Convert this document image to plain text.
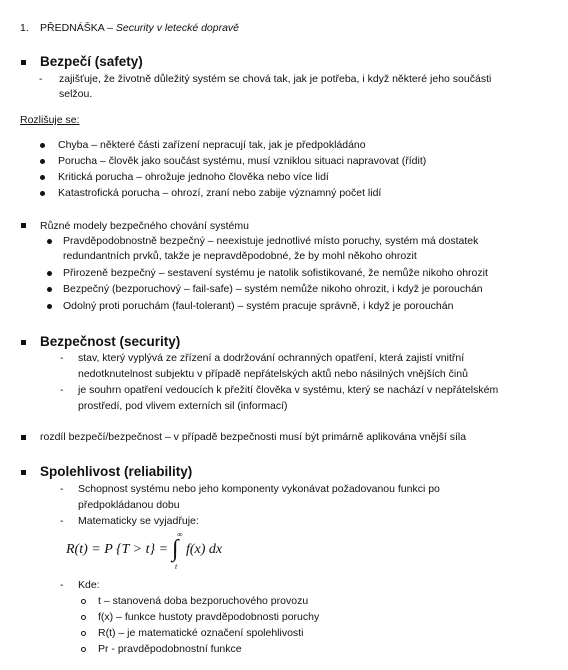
1. PŘEDNÁŠKA – Security v letecké dopravě
Bezpečí (safety)
- zajišťuje, že životně důležitý systém se chová tak, jak je potřeba, i když některé jeho součásti
selžou.
Rozlišuje se:
Chyba – některé části zařízení nepracují tak, jak je předpokládáno
Porucha – člověk jako součást systému, musí vzniklou situaci napravovat (řídit)
Kritická porucha – ohrožuje jednoho člověka nebo více lidí
Katastrofická porucha – ohrozí, zraní nebo zabije významný počet lidí
Různé modely bezpečného chování systému
Pravděpodobnostně bezpečný – neexistuje jednotlivé místo poruchy, systém má dostatek
redundantních prvků, takže je nepravděpodobné, že by mohl někoho ohrozit
Přirozeně bezpečný – sestavení systému je natolik sofistikované, že nemůže nikoho ohrozit
Bezpečný (bezporuchový – fail-safe) – systém nemůže nikoho ohrozit, i když je porouchán
Odolný proti poruchám (faul-tolerant) – systém pracuje správně, i když je porouchán
Bezpečnost (security)
- stav, který vyplývá ze zřízení a dodržování ochranných opatření, která zajistí vnitřní
nedotknutelnost subjektu v případě nepřátelských aktů nebo násilných vnějších činů
- je souhrn opatření vedoucích k přežití člověka v systému, který se nachází v nepřátelském
prostředí, pod vlivem externích sil (informací)
rozdíl bezpečí/bezpečnost – v případě bezpečnosti musí být primárně aplikována vnější síla
Spolehlivost (reliability)
- Schopnost systému nebo jeho komponenty vykonávat požadovanou funkci po
předpokládanou dobu
- Matematicky se vyjadřuje:
R(t) = P {T > t} = ∫
∞
t
f(x) dx
- Kde:
t – stanovená doba bezporuchového provozu
f(x) – funkce hustoty pravděpodobnosti poruchy
R(t) – je matematické označení spolehlivosti
Pr - pravděpodobnostní funkce
